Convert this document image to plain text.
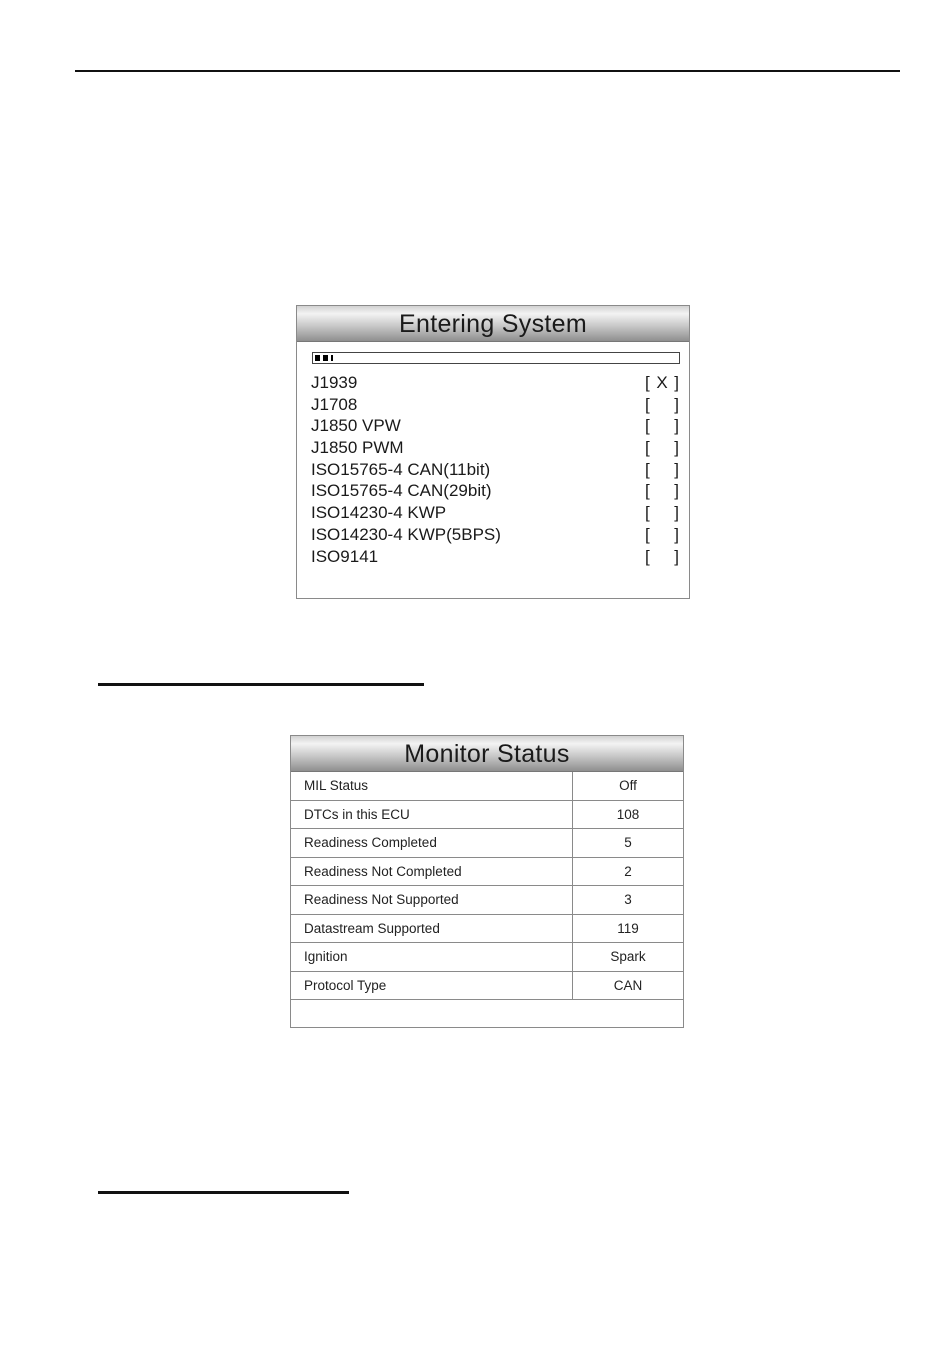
Entering System
J1939	[ X ]
J1708	[ ]
J1850 VPW	[ ]
J1850 PWM	[ ]
ISO15765-4 CAN(11bit)	[ ]
ISO15765-4 CAN(29bit)	[ ]
ISO14230-4 KWP	[ ]
ISO14230-4 KWP(5BPS)	[ ]
ISO9141	[ ]
Monitor Status
MIL Status	Off
DTCs in this ECU	108
Readiness Completed	5
Readiness Not Completed	2
Readiness Not Supported	3
Datastream Supported	119
Ignition	Spark
Protocol Type	CAN
